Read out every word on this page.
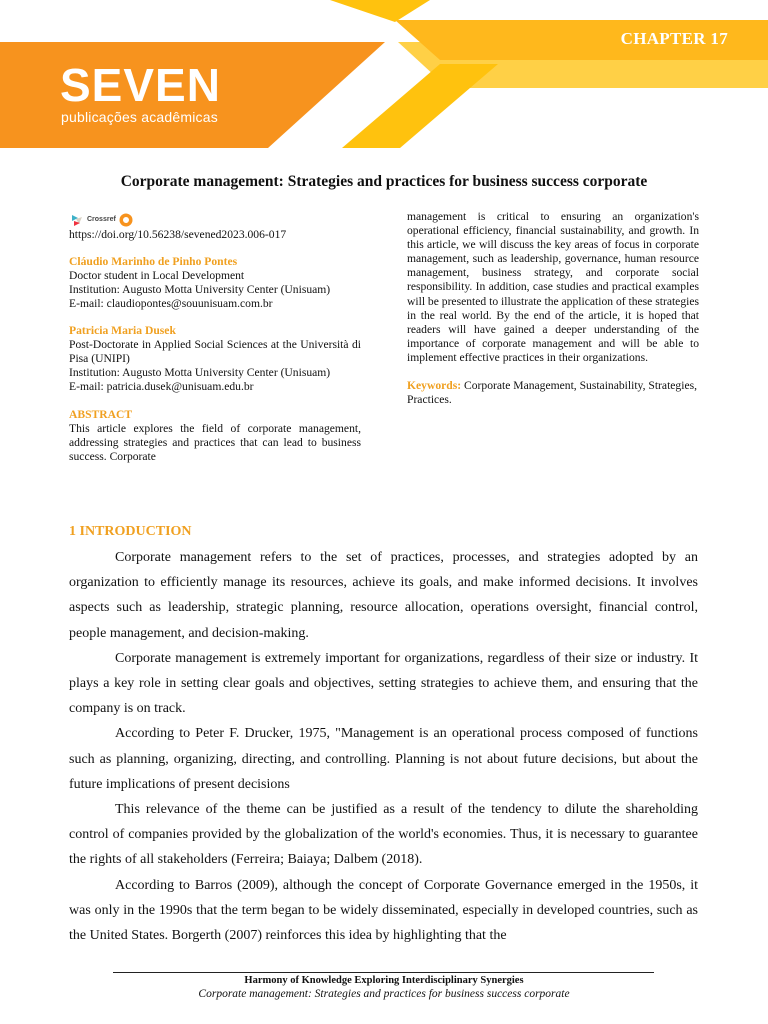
CHAPTER 17
SEVEN
publicações acadêmicas
Corporate management: Strategies and practices for business success corporate
Crossref
https://doi.org/10.56238/sevened2023.006-017
Cláudio Marinho de Pinho Pontes
Doctor student in Local Development
Institution: Augusto Motta University Center (Unisuam)
E-mail: claudiopontes@souunisuam.com.br
Patricia Maria Dusek
Post-Doctorate in Applied Social Sciences at the Università di Pisa (UNIPI)
Institution: Augusto Motta University Center (Unisuam)
E-mail: patricia.dusek@unisuam.edu.br
ABSTRACT
This article explores the field of corporate management, addressing strategies and practices that can lead to business success. Corporate
management is critical to ensuring an organization's operational efficiency, financial sustainability, and growth. In this article, we will discuss the key areas of focus in corporate management, such as leadership, governance, human resource management, business strategy, and corporate social responsibility. In addition, case studies and practical examples will be presented to illustrate the application of these strategies in the real world. By the end of the article, it is hoped that readers will have gained a deeper understanding of the importance of corporate management and will be able to implement effective practices in their organizations.
Keywords: Corporate Management, Sustainability, Strategies, Practices.
1 INTRODUCTION

Corporate management refers to the set of practices, processes, and strategies adopted by an organization to efficiently manage its resources, achieve its goals, and make informed decisions. It involves aspects such as leadership, strategic planning, resource allocation, operations oversight, financial control, people management, and decision-making.

Corporate management is extremely important for organizations, regardless of their size or industry. It plays a key role in setting clear goals and objectives, setting strategies to achieve them, and ensuring that the company is on track.

According to Peter F. Drucker, 1975, "Management is an operational process composed of functions such as planning, organizing, directing, and controlling. Planning is not about future decisions, but about the future implications of present decisions

This relevance of the theme can be justified as a result of the tendency to dilute the shareholding control of companies provided by the globalization of the world's economies. Thus, it is necessary to guarantee the rights of all stakeholders (Ferreira; Baiaya; Dalbem (2018).

According to Barros (2009), although the concept of Corporate Governance emerged in the 1950s, it was only in the 1990s that the term began to be widely disseminated, especially in developed countries, such as the United States. Borgerth (2007) reinforces this idea by highlighting that the

Harmony of Knowledge Exploring Interdisciplinary Synergies
Corporate management: Strategies and practices for business success corporate
